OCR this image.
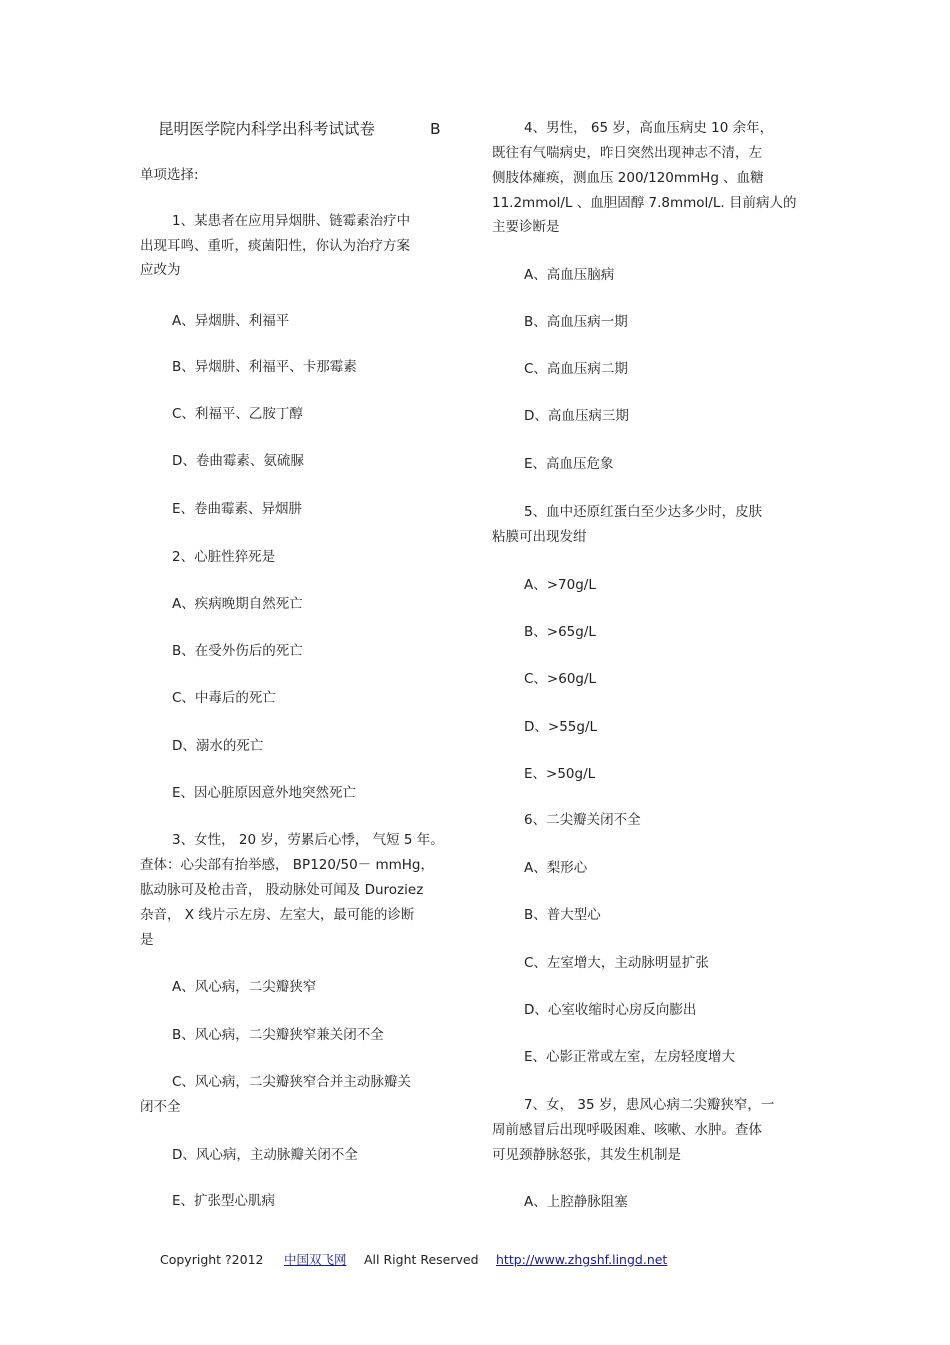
昆明医学院内科学出科考试试卷	B
单项选择:
1、某患者在应用异烟肼、链霉素治疗中
出现耳鸣、重听，痰菌阳性，你认为治疗方案
应改为
A、异烟肼、利福平
B、异烟肼、利福平、卡那霉素
C、利福平、乙胺丁醇
D、卷曲霉素、氨硫脲
E、卷曲霉素、异烟肼
2、心脏性猝死是
A、疾病晚期自然死亡
B、在受外伤后的死亡
C、中毒后的死亡
D、溺水的死亡
E、因心脏原因意外地突然死亡
3、女性， 20 岁，劳累后心悸， 气短 5 年。
查体：心尖部有抬举感， BP120/50－ mmHg，
肱动脉可及枪击音， 股动脉处可闻及 Duroziez
杂音， X 线片示左房、左室大，最可能的诊断
是
A、风心病，二尖瓣狭窄
B、风心病，二尖瓣狭窄兼关闭不全
C、风心病，二尖瓣狭窄合并主动脉瓣关
闭不全
D、风心病，主动脉瓣关闭不全
E、扩张型心肌病
4、男性， 65 岁，高血压病史 10 余年，
既往有气喘病史，昨日突然出现神志不清，左
侧肢体瘫痪，测血压 200/120mmHg 、血糖
11.2mmol/L 、血胆固醇 7.8mmol/L. 目前病人的
主要诊断是
A、高血压脑病
B、高血压病一期
C、高血压病二期
D、高血压病三期
E、高血压危象
5、血中还原红蛋白至少达多少时，皮肤
粘膜可出现发绀
A、>70g/L
B、>65g/L
C、>60g/L
D、>55g/L
E、>50g/L
6、二尖瓣关闭不全
A、梨形心
B、普大型心
C、左室增大，主动脉明显扩张
D、心室收缩时心房反向膨出
E、心影正常或左室，左房轻度增大
7、女， 35 岁，患风心病二尖瓣狭窄，一
周前感冒后出现呼吸困难、咳嗽、水肿。查体
可见颈静脉怒张，其发生机制是
A、上腔静脉阻塞
Copyright ?2012 中国双飞网 All Right Reserved http://www.zhgshf.lingd.net
